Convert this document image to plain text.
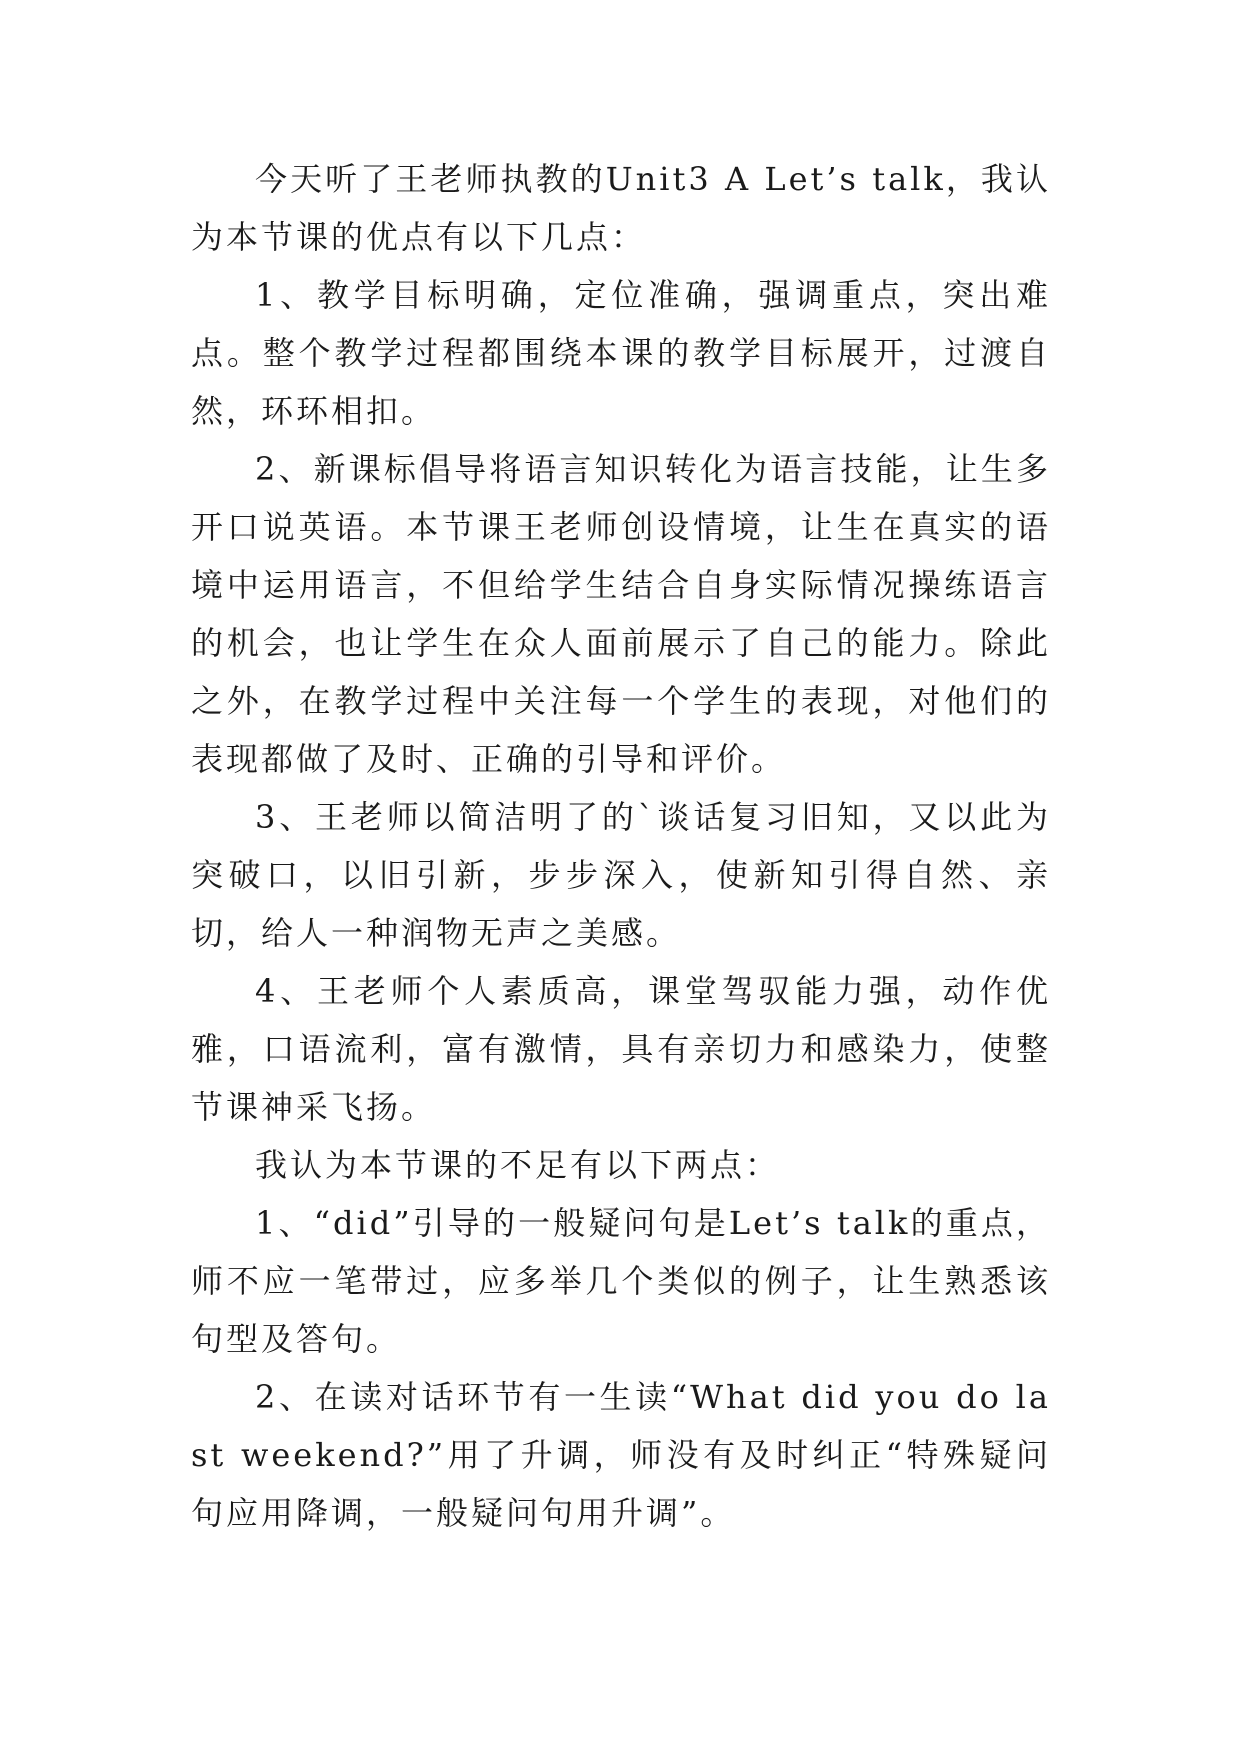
今天听了王老师执教的Unit3 A Let’s talk，我认为本节课的优点有以下几点：

1、教学目标明确，定位准确，强调重点，突出难点。整个教学过程都围绕本课的教学目标展开，过渡自然，环环相扣。

2、新课标倡导将语言知识转化为语言技能，让生多开口说英语。本节课王老师创设情境，让生在真实的语境中运用语言，不但给学生结合自身实际情况操练语言的机会，也让学生在众人面前展示了自己的能力。除此之外，在教学过程中关注每一个学生的表现，对他们的表现都做了及时、正确的引导和评价。

3、王老师以简洁明了的`谈话复习旧知，又以此为突破口，以旧引新，步步深入，使新知引得自然、亲切，给人一种润物无声之美感。

4、王老师个人素质高，课堂驾驭能力强，动作优雅，口语流利，富有激情，具有亲切力和感染力，使整节课神采飞扬。

我认为本节课的不足有以下两点：

1、“did”引导的一般疑问句是Let’s talk的重点，师不应一笔带过，应多举几个类似的例子，让生熟悉该句型及答句。

2、在读对话环节有一生读“What did you do last weekend?”用了升调，师没有及时纠正“特殊疑问句应用降调，一般疑问句用升调”。
